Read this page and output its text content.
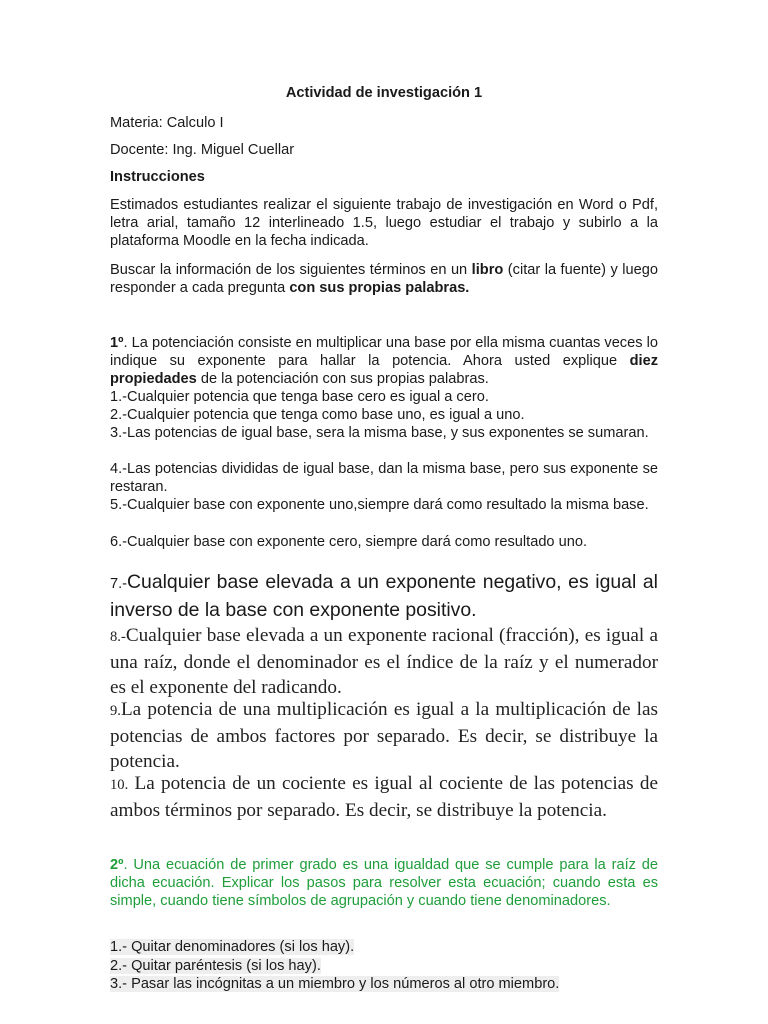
Actividad de investigación 1
Materia: Calculo I
Docente: Ing. Miguel Cuellar
Instrucciones
Estimados estudiantes realizar el siguiente trabajo de investigación en Word o Pdf, letra arial, tamaño 12 interlineado 1.5, luego estudiar el trabajo y subirlo a la plataforma Moodle en la fecha indicada.
Buscar la información de los siguientes términos en un libro (citar la fuente) y luego responder a cada pregunta con sus propias palabras.
1º. La potenciación consiste en multiplicar una base por ella misma cuantas veces lo indique su exponente para hallar la potencia. Ahora usted explique diez propiedades de la potenciación con sus propias palabras.
1.-Cualquier potencia que tenga base cero es igual a cero.
2.-Cualquier potencia que tenga como base uno, es igual a uno.
3.-Las potencias de igual base, sera la misma base, y sus exponentes se sumaran.
4.-Las potencias divididas de igual base, dan la misma base, pero sus exponente se restaran.
5.-Cualquier base con exponente uno,siempre dará como resultado la misma base.
6.-Cualquier base con exponente cero, siempre dará como resultado uno.
7.-Cualquier base elevada a un exponente negativo, es igual al inverso de la base con exponente positivo.
8.-Cualquier base elevada a un exponente racional (fracción), es igual a una raíz, donde el denominador es el índice de la raíz y el numerador es el exponente del radicando.
9.La potencia de una multiplicación es igual a la multiplicación de las potencias de ambos factores por separado. Es decir, se distribuye la potencia.
10. La potencia de un cociente es igual al cociente de las potencias de ambos términos por separado. Es decir, se distribuye la potencia.
2º. Una ecuación de primer grado es una igualdad que se cumple para la raíz de dicha ecuación. Explicar los pasos para resolver esta ecuación; cuando esta es simple, cuando tiene símbolos de agrupación y cuando tiene denominadores.
1.- Quitar denominadores (si los hay).
2.- Quitar paréntesis (si los hay).
3.- Pasar las incógnitas a un miembro y los números al otro miembro.
